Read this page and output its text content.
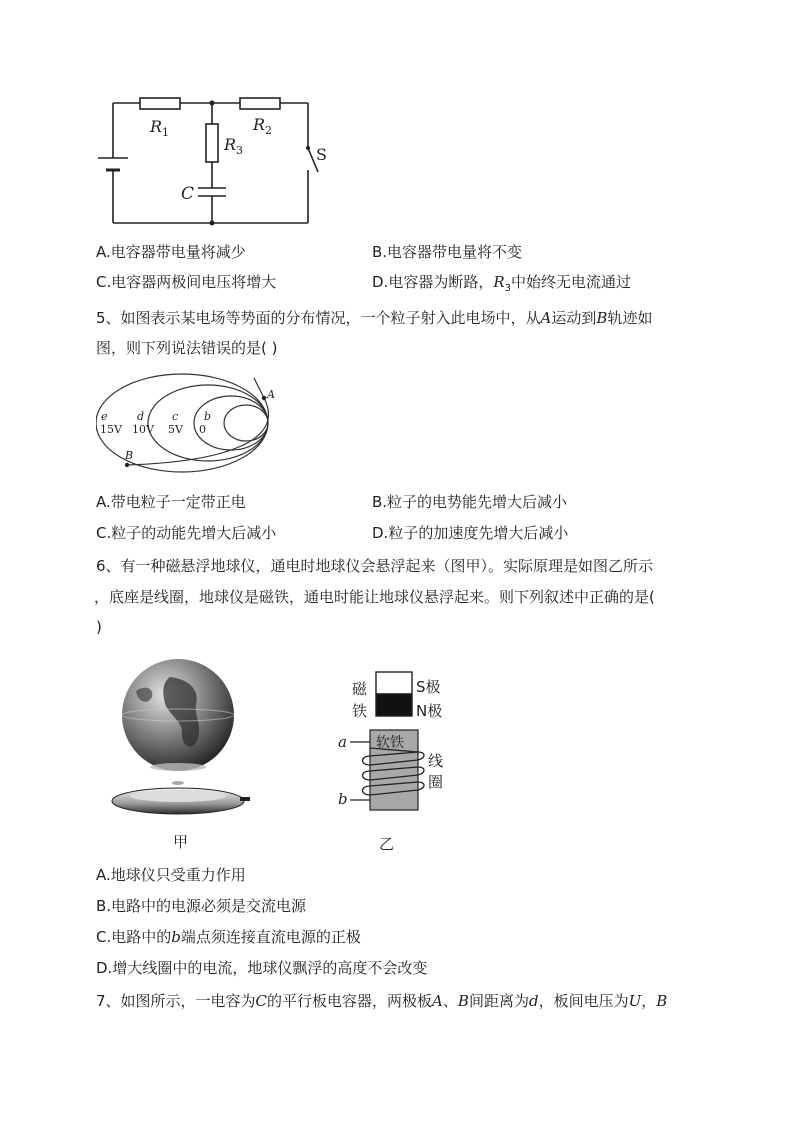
$R_1$	$R_2$
$R_3$
C
S
A.电容器带电量将减少	B.电容器带电量将不变
C.电容器两极间电压将增大	D.电容器为断路，$R_3$中始终无电流通过
5、如图表示某电场等势面的分布情况，一个粒子射入此电场中，从A运动到B轨迹如
图，则下列说法错误的是( )
e
15V
d
10V
c
5V
b
0
A
B
A.带电粒子一定带正电	B.粒子的电势能先增大后减小
C.粒子的动能先增大后减小	D.粒子的加速度先增大后减小
6、有一种磁悬浮地球仪，通电时地球仪会悬浮起来（图甲）。实际原理是如图乙所示
，底座是线圈，地球仪是磁铁，通电时能让地球仪悬浮起来。则下列叙述中正确的是(
)
甲
磁
铁
S极
N极
软铁
线
圈
a
b
乙
A.地球仪只受重力作用
B.电路中的电源必须是交流电源
C.电路中的b端点须连接直流电源的正极
D.增大线圈中的电流，地球仪飘浮的高度不会改变
7、如图所示，一电容为C的平行板电容器，两极板A、B间距离为d，板间电压为U，B
